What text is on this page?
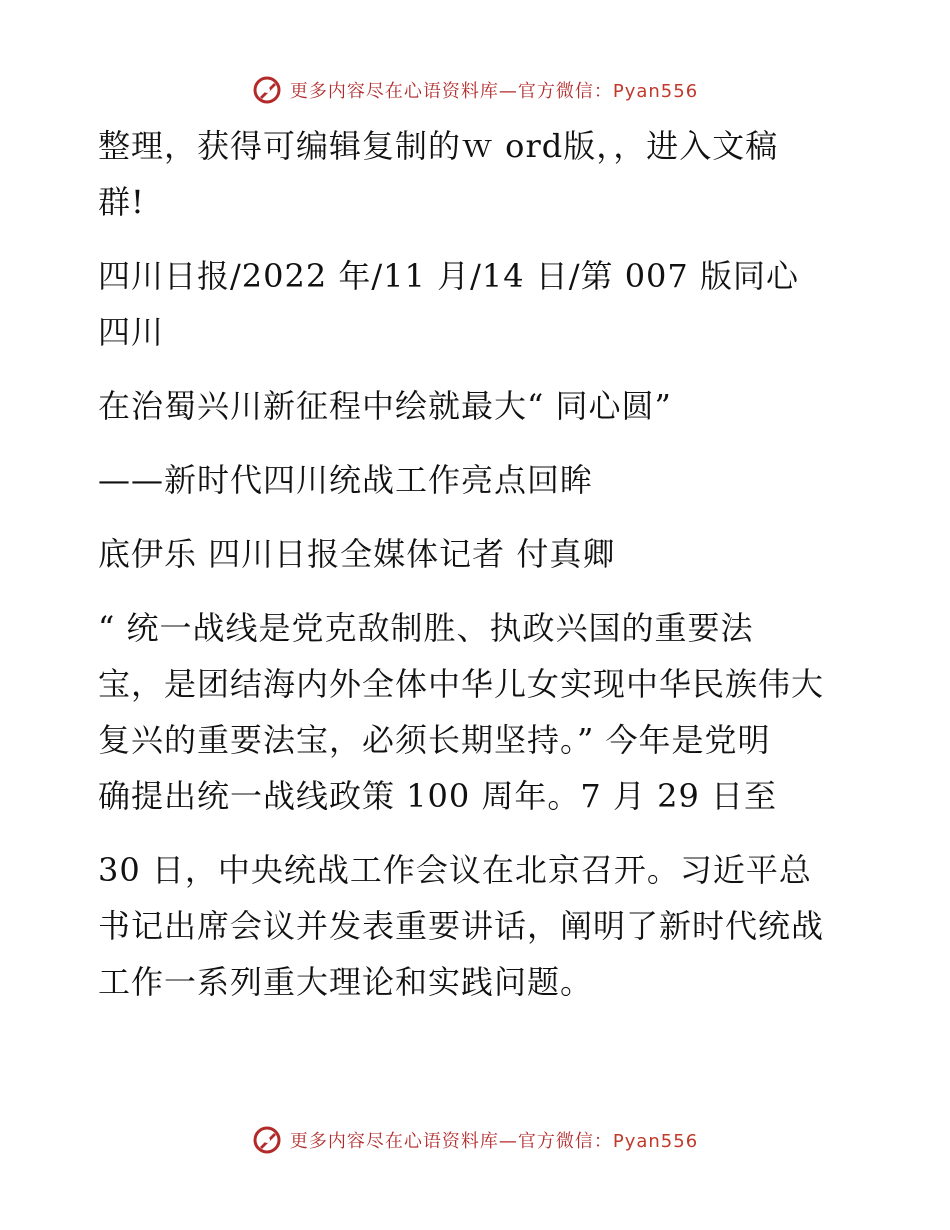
更多内容尽在心语资料库—官方微信：Pyan556
整理，获得可编辑复制的ｗ ord版，，进入文稿
群!
四川日报/2022 年/11 月/14 日/第 007 版同心
四川
在治蜀兴川新征程中绘就最大“ 同心圆”
——新时代四川统战工作亮点回眸
底伊乐 四川日报全媒体记者 付真卿
“ 统一战线是党克敌制胜、执政兴国的重要法
宝，是团结海内外全体中华儿女实现中华民族伟大
复兴的重要法宝，必须长期坚持。” 今年是党明
确提出统一战线政策 100 周年。7 月 29 日至
30 日，中央统战工作会议在北京召开。习近平总
书记出席会议并发表重要讲话，阐明了新时代统战
工作一系列重大理论和实践问题。
更多内容尽在心语资料库—官方微信：Pyan556
